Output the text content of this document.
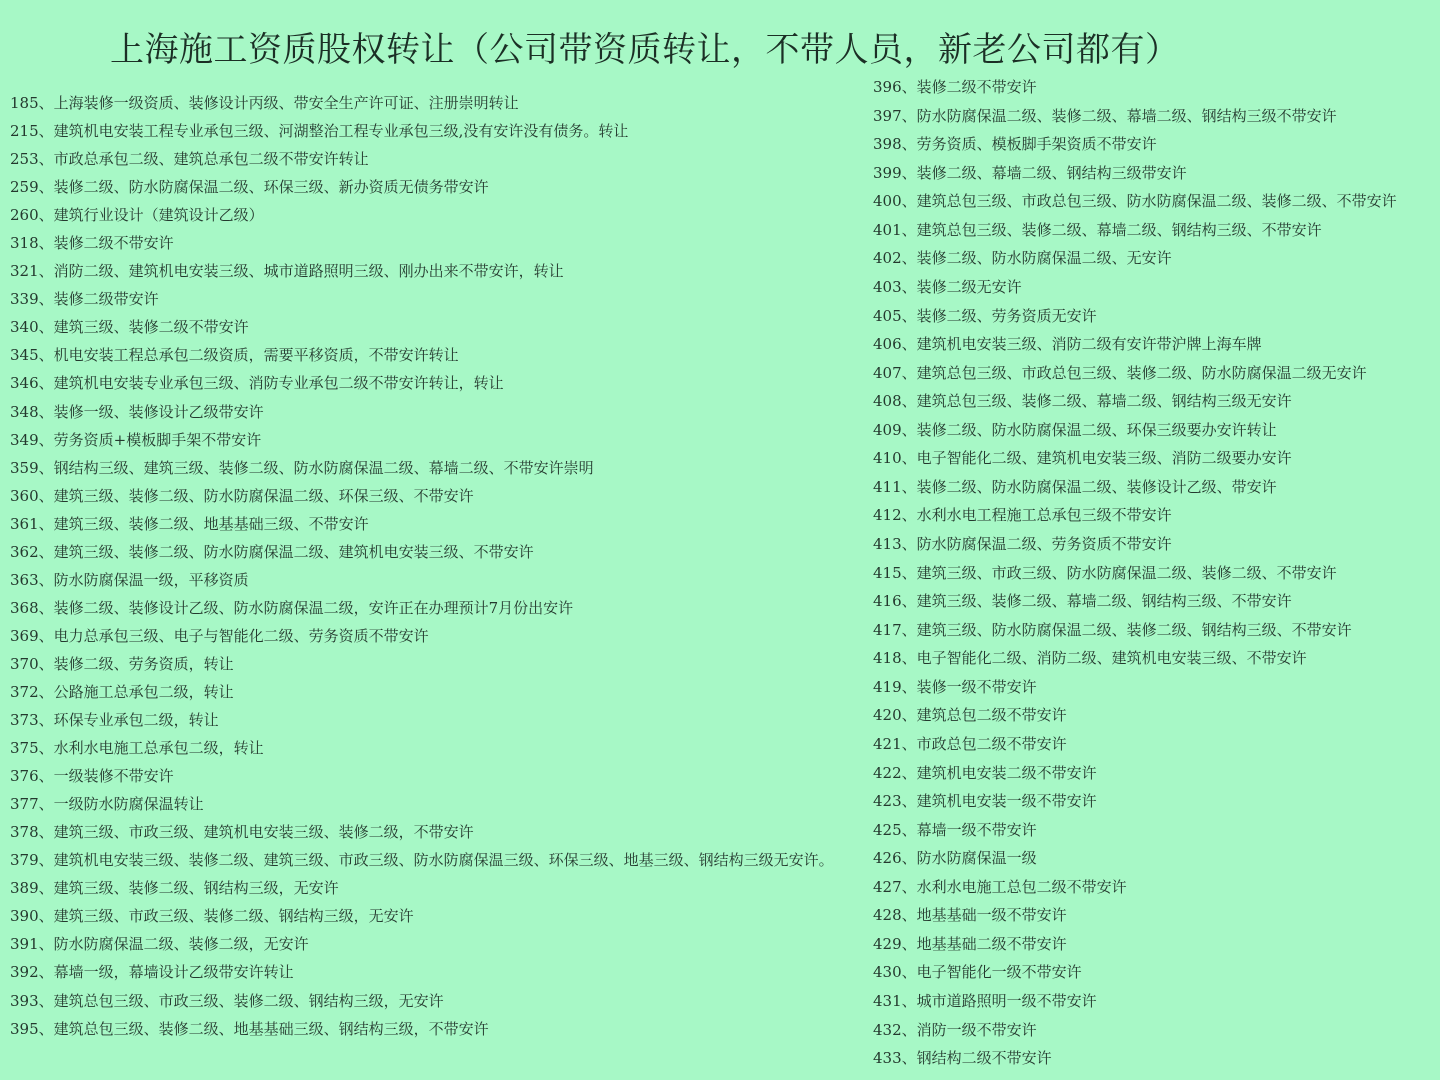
上海施工资质股权转让（公司带资质转让，不带人员，新老公司都有）
185、上海装修一级资质、装修设计丙级、带安全生产许可证、注册崇明转让
215、建筑机电安装工程专业承包三级、河湖整治工程专业承包三级,没有安许没有债务。转让
253、市政总承包二级、建筑总承包二级不带安许转让
259、装修二级、防水防腐保温二级、环保三级、新办资质无债务带安许
260、建筑行业设计（建筑设计乙级）
318、装修二级不带安许
321、消防二级、建筑机电安装三级、城市道路照明三级、刚办出来不带安许，转让
339、装修二级带安许
340、建筑三级、装修二级不带安许
345、机电安装工程总承包二级资质，需要平移资质，不带安许转让
346、建筑机电安装专业承包三级、消防专业承包二级不带安许转让，转让
348、装修一级、装修设计乙级带安许
349、劳务资质+模板脚手架不带安许
359、钢结构三级、建筑三级、装修二级、防水防腐保温二级、幕墙二级、不带安许崇明
360、建筑三级、装修二级、防水防腐保温二级、环保三级、不带安许
361、建筑三级、装修二级、地基基础三级、不带安许
362、建筑三级、装修二级、防水防腐保温二级、建筑机电安装三级、不带安许
363、防水防腐保温一级，平移资质
368、装修二级、装修设计乙级、防水防腐保温二级，安许正在办理预计7月份出安许
369、电力总承包三级、电子与智能化二级、劳务资质不带安许
370、装修二级、劳务资质，转让
372、公路施工总承包二级，转让
373、环保专业承包二级，转让
375、水利水电施工总承包二级，转让
376、一级装修不带安许
377、一级防水防腐保温转让
378、建筑三级、市政三级、建筑机电安装三级、装修二级，不带安许
379、建筑机电安装三级、装修二级、建筑三级、市政三级、防水防腐保温三级、环保三级、地基三级、钢结构三级无安许。
389、建筑三级、装修二级、钢结构三级，无安许
390、建筑三级、市政三级、装修二级、钢结构三级，无安许
391、防水防腐保温二级、装修二级，无安许
392、幕墙一级，幕墙设计乙级带安许转让
393、建筑总包三级、市政三级、装修二级、钢结构三级，无安许
395、建筑总包三级、装修二级、地基基础三级、钢结构三级，不带安许
396、装修二级不带安许
397、防水防腐保温二级、装修二级、幕墙二级、钢结构三级不带安许
398、劳务资质、模板脚手架资质不带安许
399、装修二级、幕墙二级、钢结构三级带安许
400、建筑总包三级、市政总包三级、防水防腐保温二级、装修二级、不带安许
401、建筑总包三级、装修二级、幕墙二级、钢结构三级、不带安许
402、装修二级、防水防腐保温二级、无安许
403、装修二级无安许
405、装修二级、劳务资质无安许
406、建筑机电安装三级、消防二级有安许带沪牌上海车牌
407、建筑总包三级、市政总包三级、装修二级、防水防腐保温二级无安许
408、建筑总包三级、装修二级、幕墙二级、钢结构三级无安许
409、装修二级、防水防腐保温二级、环保三级要办安许转让
410、电子智能化二级、建筑机电安装三级、消防二级要办安许
411、装修二级、防水防腐保温二级、装修设计乙级、带安许
412、水利水电工程施工总承包三级不带安许
413、防水防腐保温二级、劳务资质不带安许
415、建筑三级、市政三级、防水防腐保温二级、装修二级、不带安许
416、建筑三级、装修二级、幕墙二级、钢结构三级、不带安许
417、建筑三级、防水防腐保温二级、装修二级、钢结构三级、不带安许
418、电子智能化二级、消防二级、建筑机电安装三级、不带安许
419、装修一级不带安许
420、建筑总包二级不带安许
421、市政总包二级不带安许
422、建筑机电安装二级不带安许
423、建筑机电安装一级不带安许
425、幕墙一级不带安许
426、防水防腐保温一级
427、水利水电施工总包二级不带安许
428、地基基础一级不带安许
429、地基基础二级不带安许
430、电子智能化一级不带安许
431、城市道路照明一级不带安许
432、消防一级不带安许
433、钢结构二级不带安许
